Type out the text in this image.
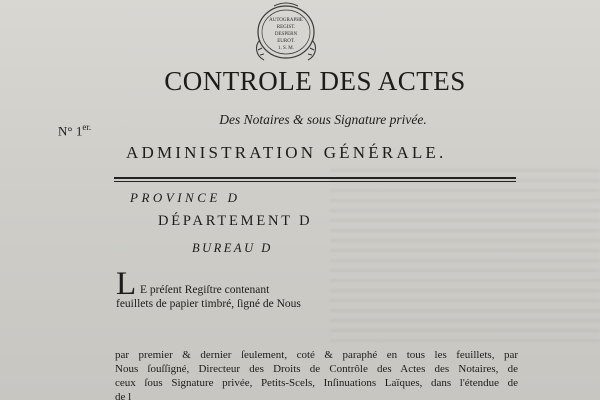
AUTOGRAPHE
REGIST.
DESPERN
EUROT.
1. S. M.
CONTROLE DES ACTES
Des Notaires & sous Signature privée.
N° $1^{er.}$
ADMINISTRATION GÉNÉRALE.
PROVINCE D
DÉPARTEMENT D
BUREAU D
L E préſent Regiſtre contenant
feuillets de papier timbré, ſigné de Nous
par premier & dernier ſeulement, coté & paraphé en tous les feuillets, par
Nous ſouſſigné, Directeur des Droits de Contrôle des Actes des Notaires, de
ceux ſous Signature privée, Petits-Scels, Inſinuations Laïques, dans l'étendue de
de l
